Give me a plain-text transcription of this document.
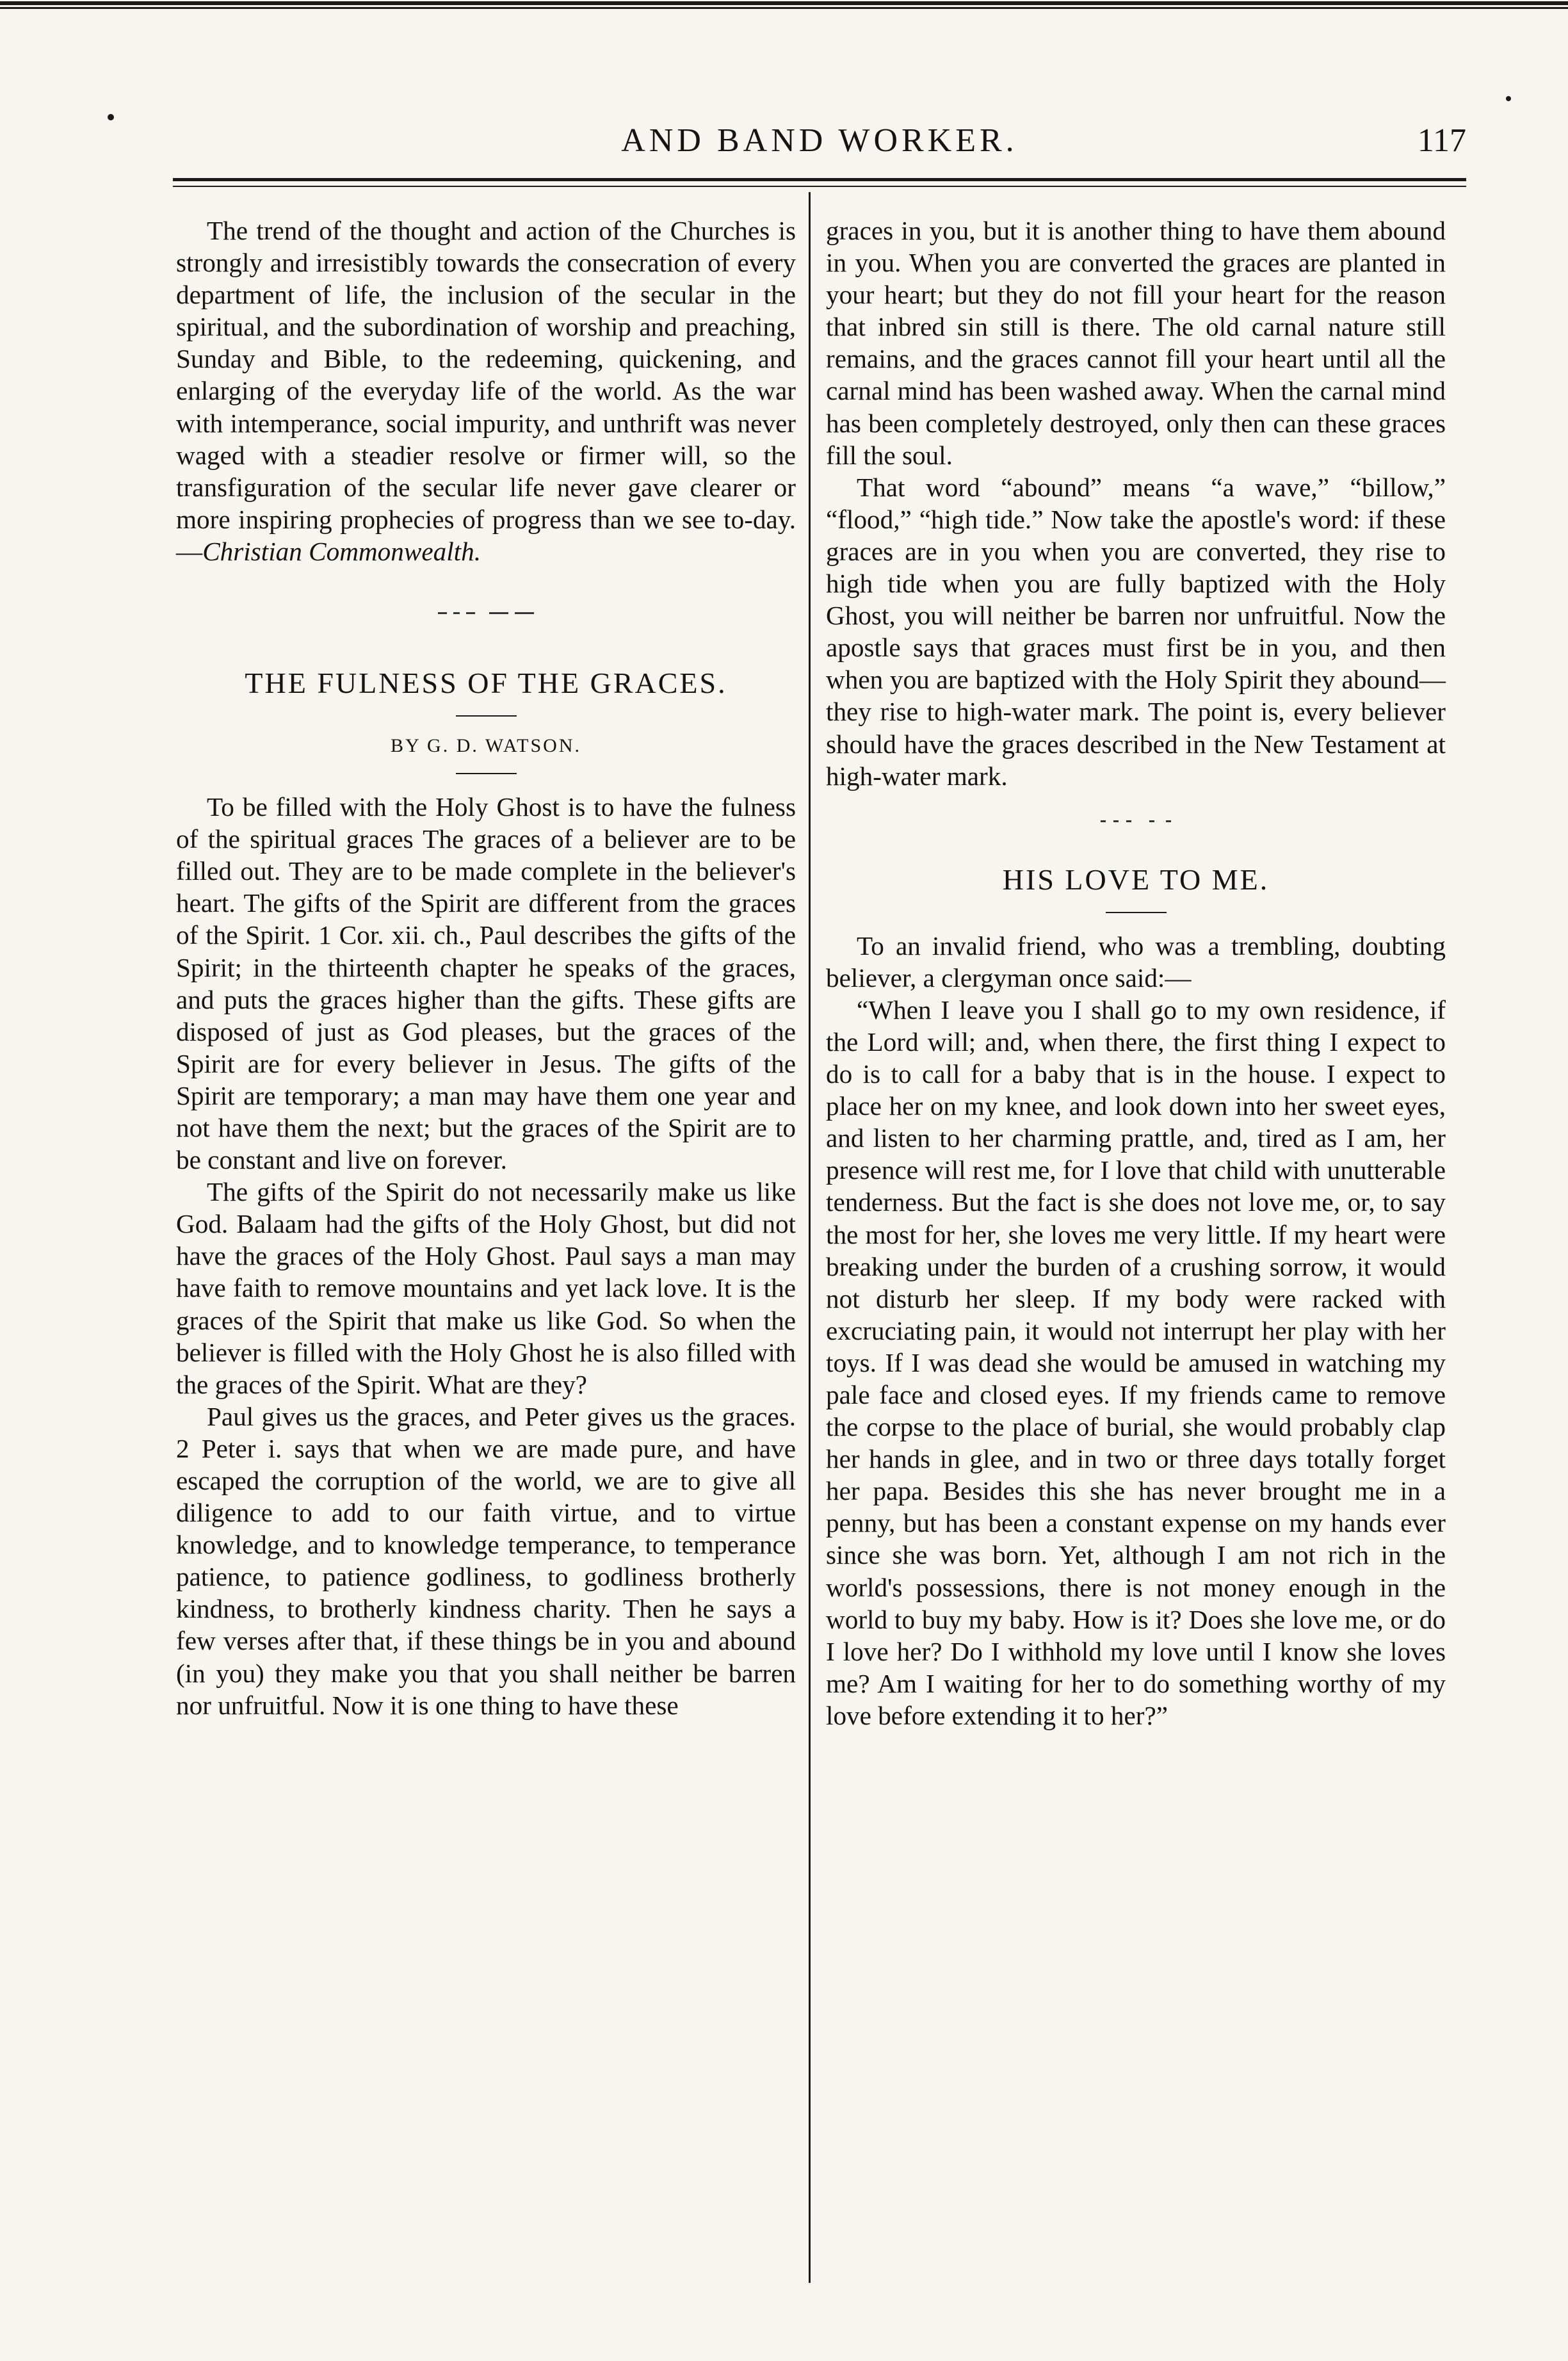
AND BAND WORKER.	117

The trend of the thought and action of the Churches is strongly and irresistibly towards the consecration of every department of life, the inclusion of the secular in the spiritual, and the subordination of worship and preaching, Sunday and Bible, to the redeeming, quickening, and enlarging of the everyday life of the world. As the war with intemperance, social impurity, and unthrift was never waged with a steadier resolve or firmer will, so the transfiguration of the secular life never gave clearer or more inspiring prophecies of progress than we see to-day.—Christian Commonwealth.

THE FULNESS OF THE GRACES.

BY G. D. WATSON.

To be filled with the Holy Ghost is to have the fulness of the spiritual graces The graces of a believer are to be filled out. They are to be made complete in the believer's heart. The gifts of the Spirit are different from the graces of the Spirit. 1 Cor. xii. ch., Paul describes the gifts of the Spirit; in the thirteenth chapter he speaks of the graces, and puts the graces higher than the gifts. These gifts are disposed of just as God pleases, but the graces of the Spirit are for every believer in Jesus. The gifts of the Spirit are temporary; a man may have them one year and not have them the next; but the graces of the Spirit are to be constant and live on forever.

The gifts of the Spirit do not necessarily make us like God. Balaam had the gifts of the Holy Ghost, but did not have the graces of the Holy Ghost. Paul says a man may have faith to remove mountains and yet lack love. It is the graces of the Spirit that make us like God. So when the believer is filled with the Holy Ghost he is also filled with the graces of the Spirit. What are they?

Paul gives us the graces, and Peter gives us the graces. 2 Peter i. says that when we are made pure, and have escaped the corruption of the world, we are to give all diligence to add to our faith virtue, and to virtue knowledge, and to knowledge temperance, to temperance patience, to patience godliness, to godliness brotherly kindness, to brotherly kindness charity. Then he says a few verses after that, if these things be in you and abound (in you) they make you that you shall neither be barren nor unfruitful. Now it is one thing to have these

graces in you, but it is another thing to have them abound in you. When you are converted the graces are planted in your heart; but they do not fill your heart for the reason that inbred sin still is there. The old carnal nature still remains, and the graces cannot fill your heart until all the carnal mind has been washed away. When the carnal mind has been completely destroyed, only then can these graces fill the soul.

That word “abound” means “a wave,” “billow,” “flood,” “high tide.” Now take the apostle's word: if these graces are in you when you are converted, they rise to high tide when you are fully baptized with the Holy Ghost, you will neither be barren nor unfruitful. Now the apostle says that graces must first be in you, and then when you are baptized with the Holy Spirit they abound—they rise to high-water mark. The point is, every believer should have the graces described in the New Testament at high-water mark.

HIS LOVE TO ME.

To an invalid friend, who was a trembling, doubting believer, a clergyman once said:—

“When I leave you I shall go to my own residence, if the Lord will; and, when there, the first thing I expect to do is to call for a baby that is in the house. I expect to place her on my knee, and look down into her sweet eyes, and listen to her charming prattle, and, tired as I am, her presence will rest me, for I love that child with unutterable tenderness. But the fact is she does not love me, or, to say the most for her, she loves me very little. If my heart were breaking under the burden of a crushing sorrow, it would not disturb her sleep. If my body were racked with excruciating pain, it would not interrupt her play with her toys. If I was dead she would be amused in watching my pale face and closed eyes. If my friends came to remove the corpse to the place of burial, she would probably clap her hands in glee, and in two or three days totally forget her papa. Besides this she has never brought me in a penny, but has been a constant expense on my hands ever since she was born. Yet, although I am not rich in the world's possessions, there is not money enough in the world to buy my baby. How is it? Does she love me, or do I love her? Do I withhold my love until I know she loves me? Am I waiting for her to do something worthy of my love before extending it to her?”
